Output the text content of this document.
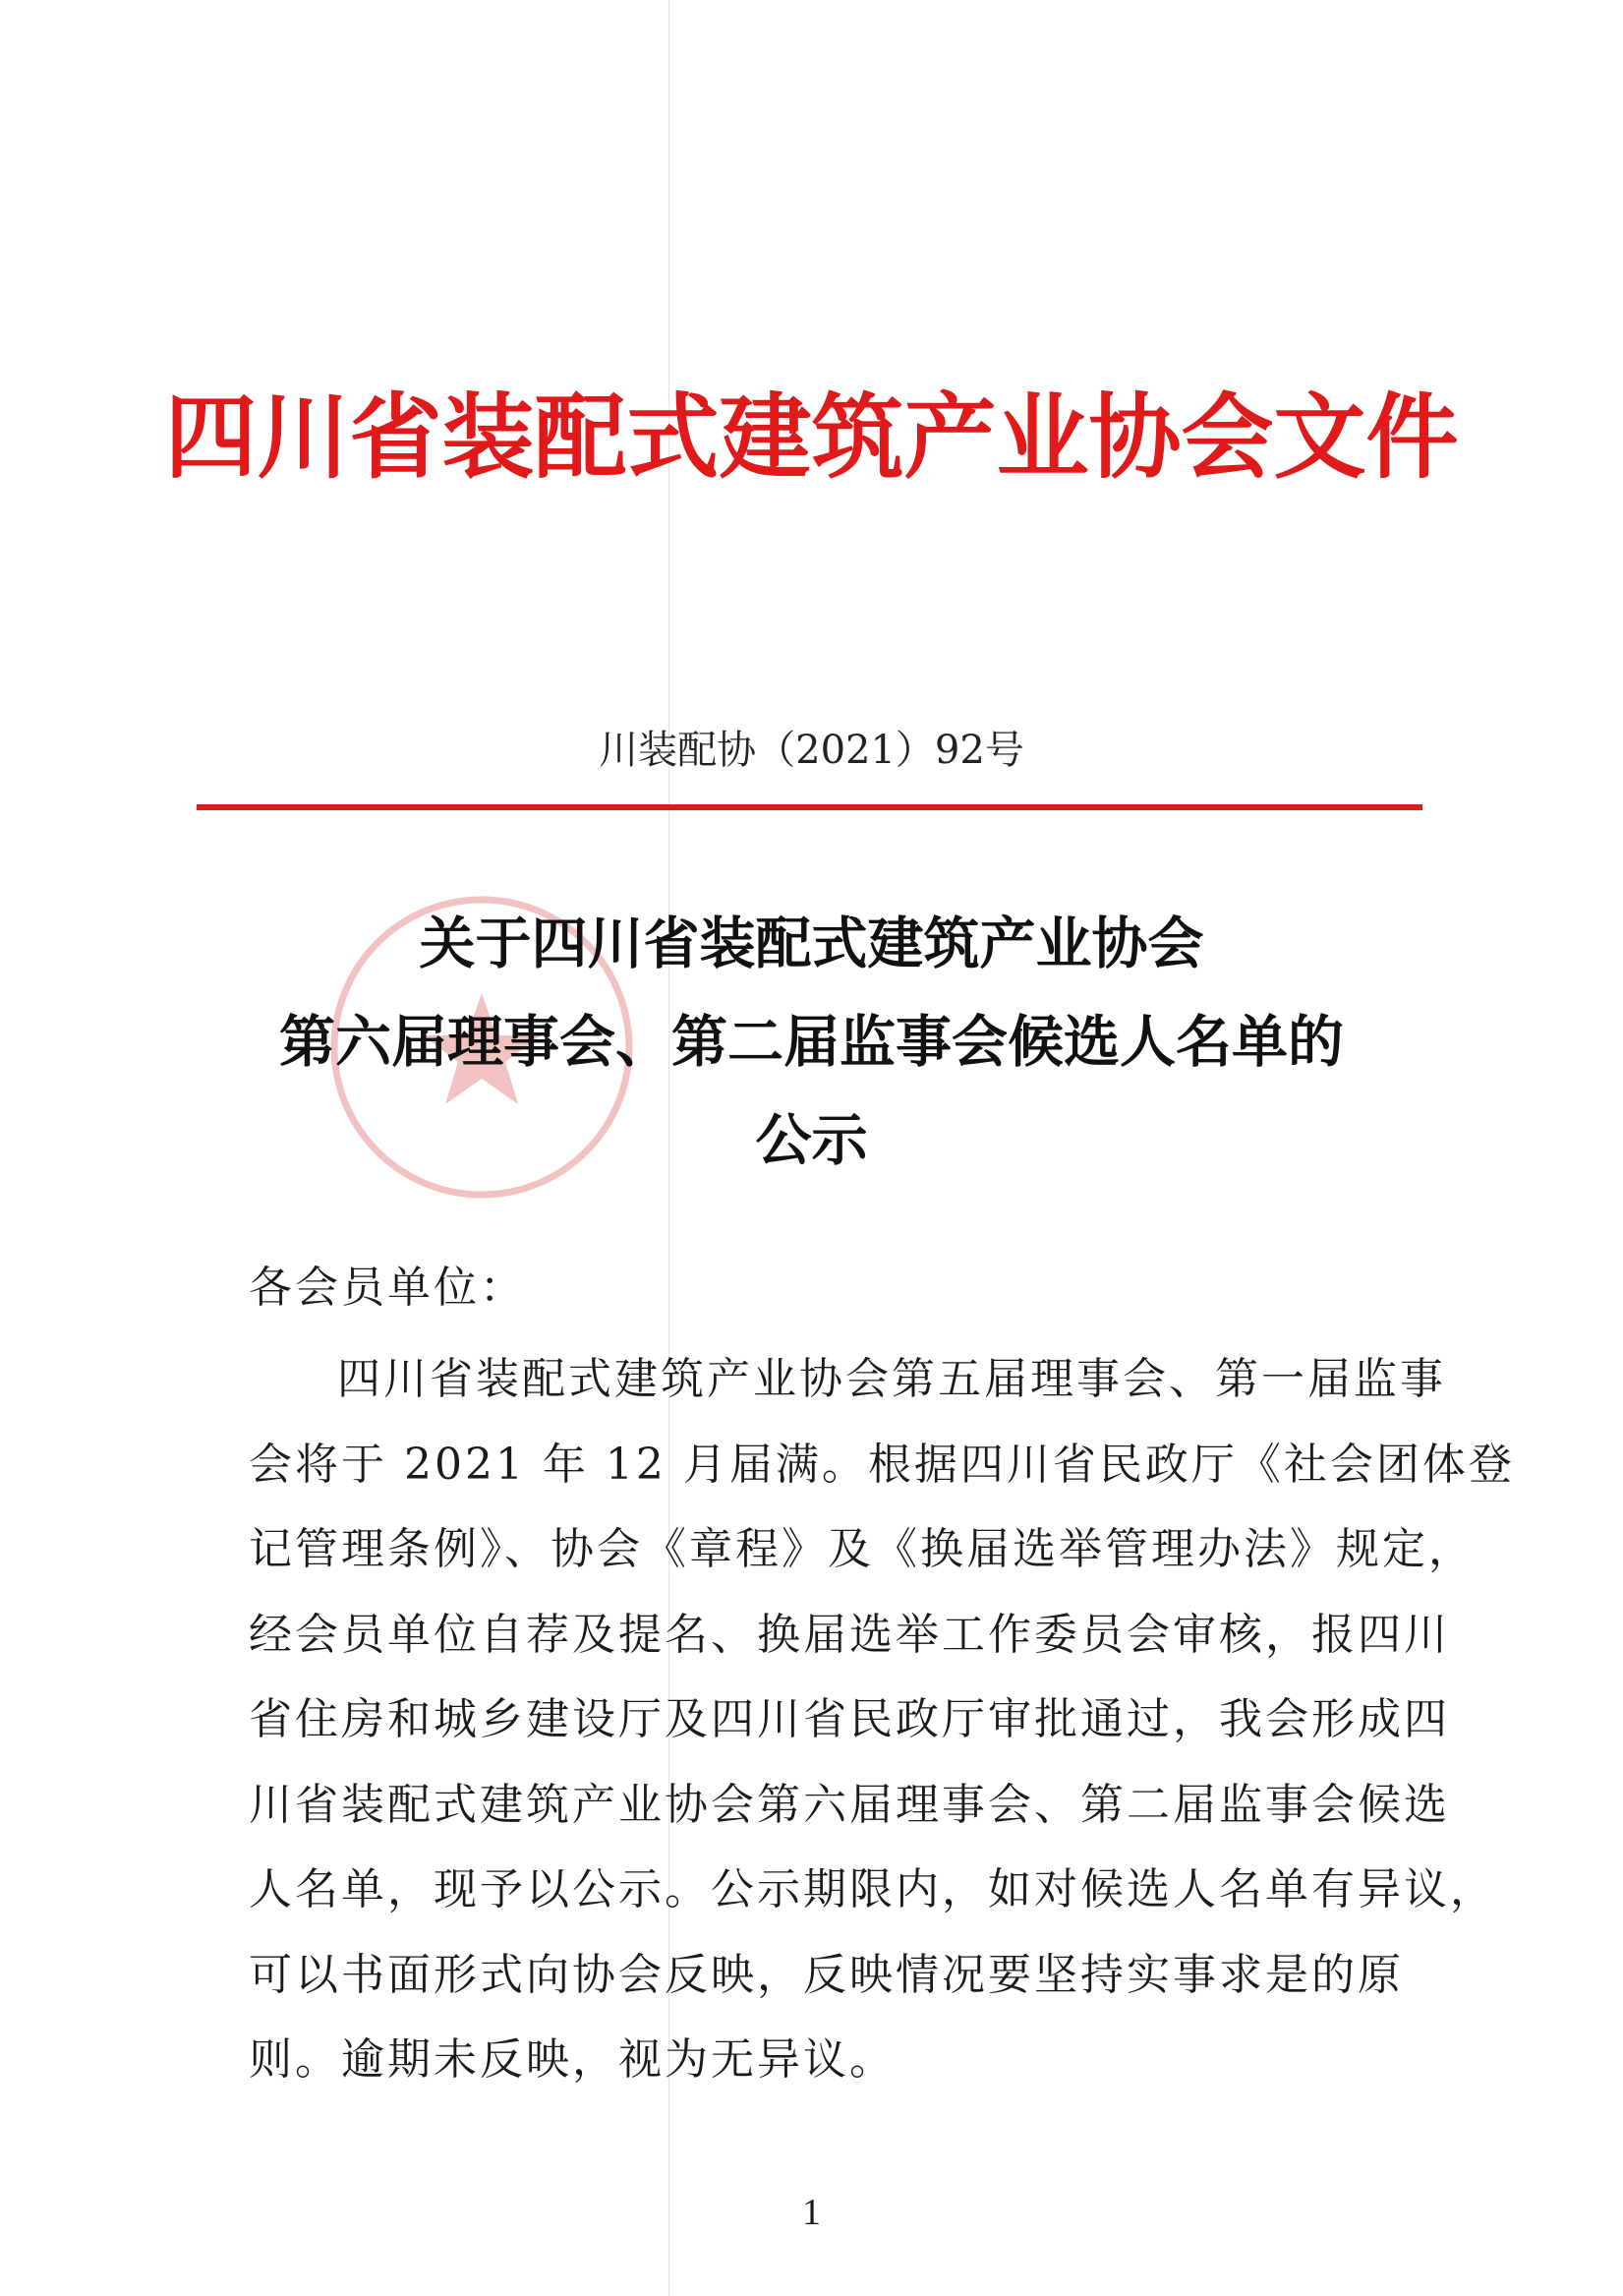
四川省装配式建筑产业协会文件
川装配协（2021）92号
关于四川省装配式建筑产业协会
第六届理事会、第二届监事会候选人名单的
公示
各会员单位：
四川省装配式建筑产业协会第五届理事会、第一届监事
会将于 2021 年 12 月届满。根据四川省民政厅《社会团体登
记管理条例》、协会《章程》及《换届选举管理办法》规定，
经会员单位自荐及提名、换届选举工作委员会审核，报四川
省住房和城乡建设厅及四川省民政厅审批通过，我会形成四
川省装配式建筑产业协会第六届理事会、第二届监事会候选
人名单，现予以公示。公示期限内，如对候选人名单有异议，
可以书面形式向协会反映，反映情况要坚持实事求是的原
则。逾期未反映，视为无异议。
1
